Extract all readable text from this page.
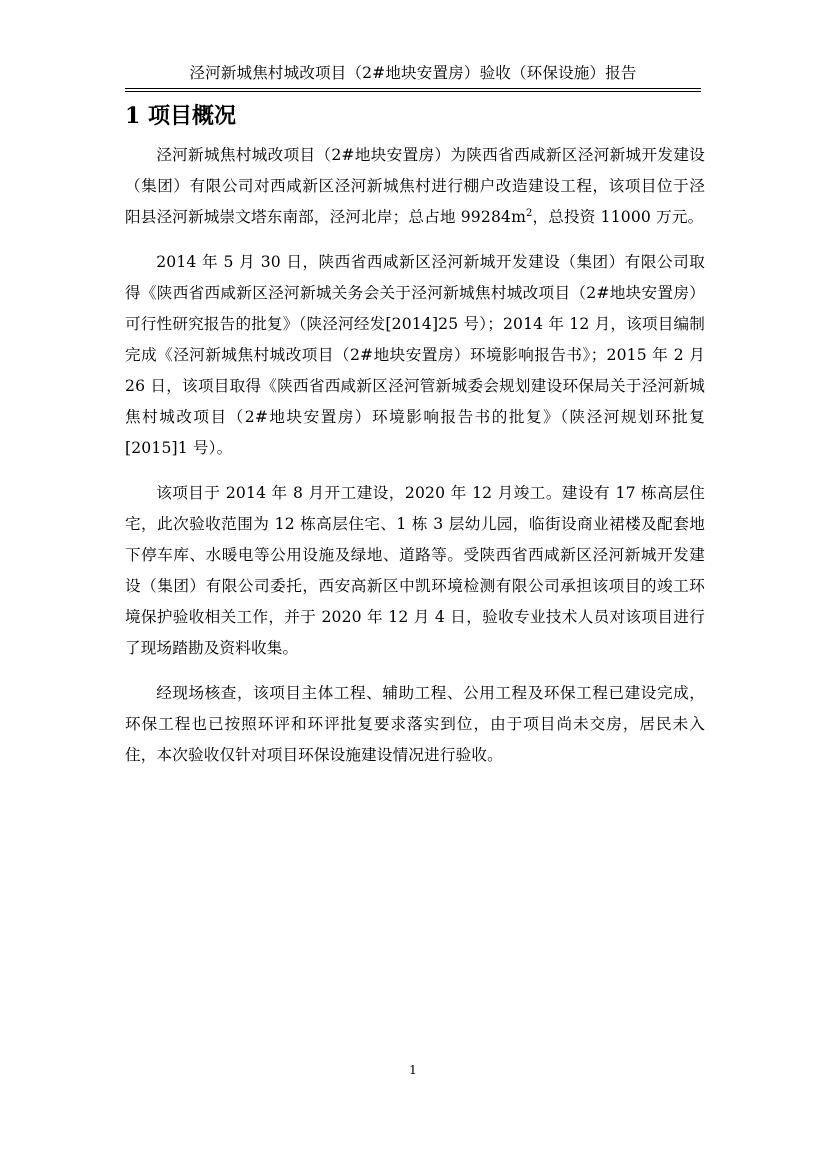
泾河新城焦村城改项目（2#地块安置房）验收（环保设施）报告
1 项目概况

泾河新城焦村城改项目（2#地块安置房）为陕西省西咸新区泾河新城开发建设（集团）有限公司对西咸新区泾河新城焦村进行棚户改造建设工程，该项目位于泾阳县泾河新城崇文塔东南部，泾河北岸；总占地 $99284m^2$，总投资 11000 万元。

2014 年 5 月 30 日，陕西省西咸新区泾河新城开发建设（集团）有限公司取得《陕西省西咸新区泾河新城关务会关于泾河新城焦村城改项目（2#地块安置房）可行性研究报告的批复》（陕泾河经发[2014]25 号）；2014 年 12 月，该项目编制完成《泾河新城焦村城改项目（2#地块安置房）环境影响报告书》；2015 年 2 月 26 日，该项目取得《陕西省西咸新区泾河管新城委会规划建设环保局关于泾河新城焦村城改项目（2#地块安置房）环境影响报告书的批复》（陕泾河规划环批复[2015]1 号）。

该项目于 2014 年 8 月开工建设，2020 年 12 月竣工。建设有 17 栋高层住宅，此次验收范围为 12 栋高层住宅、1 栋 3 层幼儿园，临街设商业裙楼及配套地下停车库、水暖电等公用设施及绿地、道路等。受陕西省西咸新区泾河新城开发建设（集团）有限公司委托，西安高新区中凯环境检测有限公司承担该项目的竣工环境保护验收相关工作，并于 2020 年 12 月 4 日，验收专业技术人员对该项目进行了现场踏勘及资料收集。

经现场核查，该项目主体工程、辅助工程、公用工程及环保工程已建设完成，环保工程也已按照环评和环评批复要求落实到位，由于项目尚未交房，居民未入住，本次验收仅针对项目环保设施建设情况进行验收。

1
